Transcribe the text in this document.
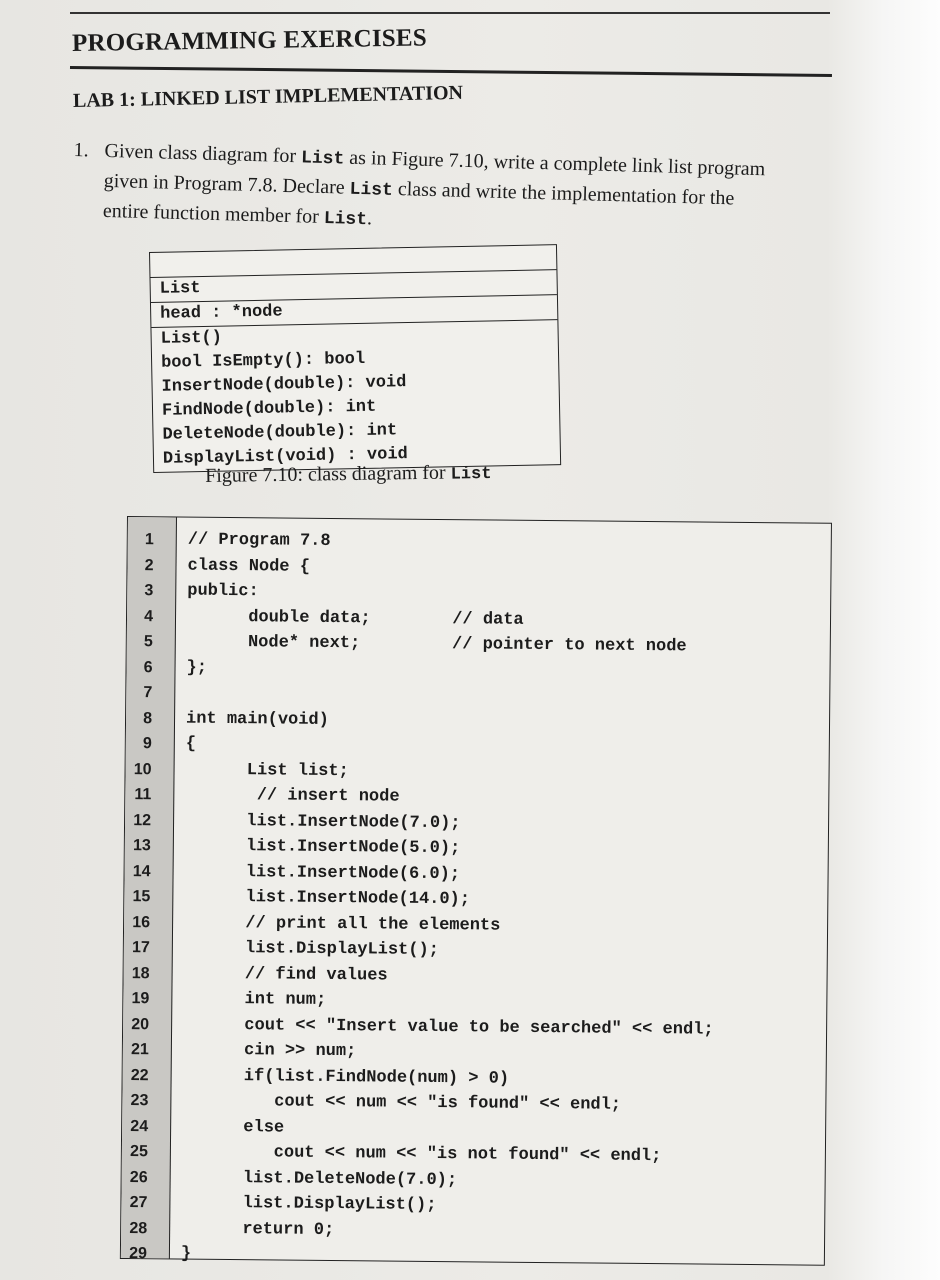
PROGRAMMING EXERCISES
LAB 1: LINKED LIST IMPLEMENTATION
1. Given class diagram for List as in Figure 7.10, write a complete link list program
given in Program 7.8. Declare List class and write the implementation for the
entire function member for List.
List
head : *node
List()
bool IsEmpty(): bool
InsertNode(double): void
FindNode(double): int
DeleteNode(double): int
DisplayList(void) : void
Figure 7.10: class diagram for List
1 // Program 7.8
2 class Node {
3 public:
4 double data;        // data
5 Node* next;         // pointer to next node
6 };
7
8 int main(void)
9 {
10 List list;
11 // insert node
12 list.InsertNode(7.0);
13 list.InsertNode(5.0);
14 list.InsertNode(6.0);
15 list.InsertNode(14.0);
16 // print all the elements
17 list.DisplayList();
18 // find values
19 int num;
20 cout << "Insert value to be searched" << endl;
21 cin >> num;
22 if(list.FindNode(num) > 0)
23 cout << num << "is found" << endl;
24 else
25 cout << num << "is not found" << endl;
26 list.DeleteNode(7.0);
27 list.DisplayList();
28 return 0;
29 }
